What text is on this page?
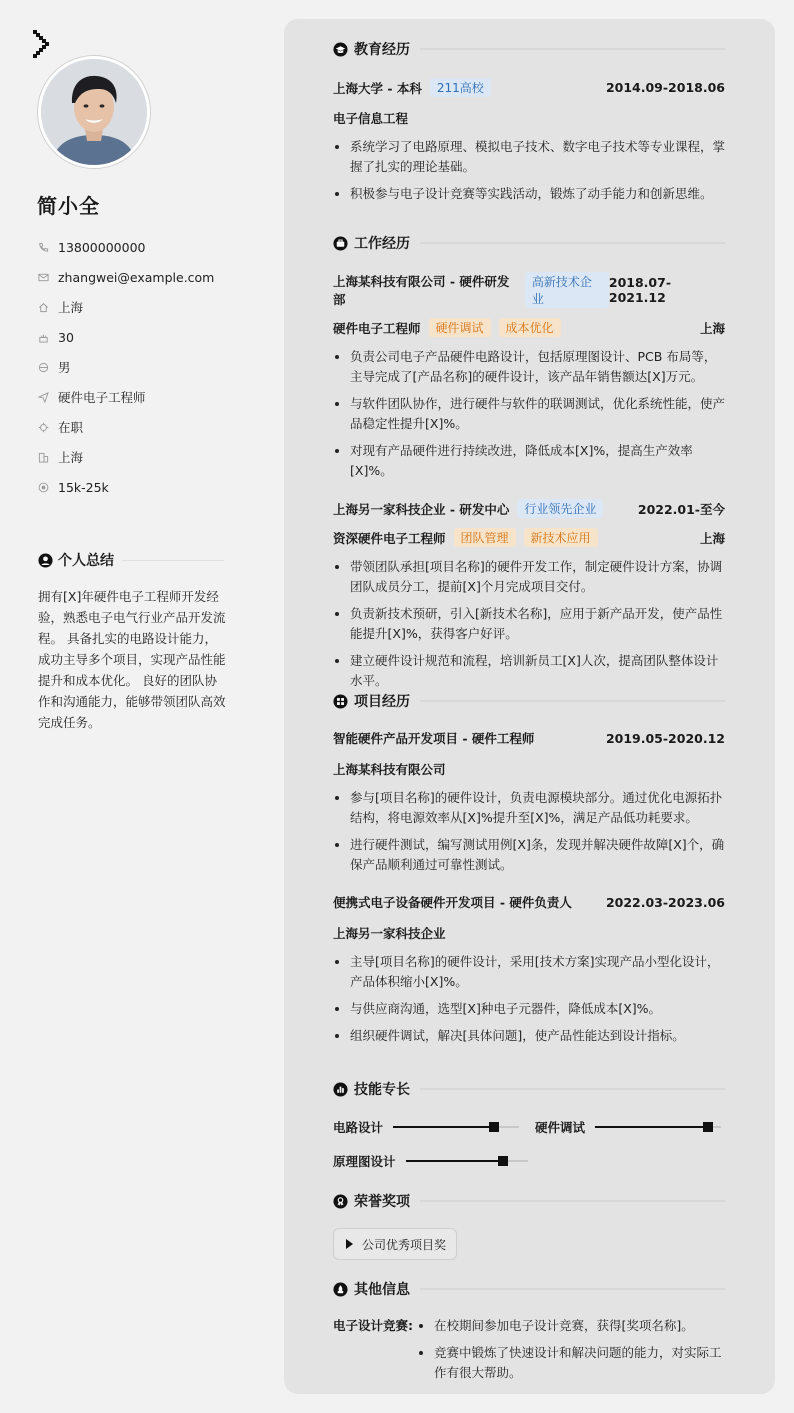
简小全
13800000000
zhangwei@example.com
上海
30
男
硬件电子工程师
在职
上海
15k-25k
个人总结
拥有[X]年硬件电子工程师开发经验，熟悉电子电气行业产品开发流程。 具备扎实的电路设计能力，成功主导多个项目，实现产品性能提升和成本优化。 良好的团队协作和沟通能力，能够带领团队高效完成任务。
教育经历
上海大学 - 本科	211高校	2014.09-2018.06
电子信息工程
系统学习了电路原理、模拟电子技术、数字电子技术等专业课程，掌握了扎实的理论基础。
积极参与电子设计竞赛等实践活动，锻炼了动手能力和创新思维。
工作经历
上海某科技有限公司 - 硬件研发部
高新技术企业
2018.07-2021.12
硬件电子工程师	硬件调试	成本优化	上海
负责公司电子产品硬件电路设计，包括原理图设计、PCB 布局等，主导完成了[产品名称]的硬件设计，该产品年销售额达[X]万元。
与软件团队协作，进行硬件与软件的联调测试，优化系统性能，使产品稳定性提升[X]%。
对现有产品硬件进行持续改进，降低成本[X]%，提高生产效率[X]%。
上海另一家科技企业 - 研发中心	行业领先企业	2022.01-至今
资深硬件电子工程师	团队管理	新技术应用	上海
带领团队承担[项目名称]的硬件开发工作，制定硬件设计方案，协调团队成员分工，提前[X]个月完成项目交付。
负责新技术预研，引入[新技术名称]，应用于新产品开发，使产品性能提升[X]%，获得客户好评。
建立硬件设计规范和流程，培训新员工[X]人次，提高团队整体设计水平。
项目经历
智能硬件产品开发项目 - 硬件工程师	2019.05-2020.12
上海某科技有限公司
参与[项目名称]的硬件设计，负责电源模块部分。通过优化电源拓扑结构，将电源效率从[X]%提升至[X]%，满足产品低功耗要求。
进行硬件测试，编写测试用例[X]条，发现并解决硬件故障[X]个，确保产品顺利通过可靠性测试。
便携式电子设备硬件开发项目 - 硬件负责人	2022.03-2023.06
上海另一家科技企业
主导[项目名称]的硬件设计，采用[技术方案]实现产品小型化设计，产品体积缩小[X]%。
与供应商沟通，选型[X]种电子元器件，降低成本[X]%。
组织硬件调试，解决[具体问题]，使产品性能达到设计指标。
技能专长
电路设计	硬件调试
原理图设计
荣誉奖项
公司优秀项目奖
其他信息
电子设计竞赛:	在校期间参加电子设计竞赛，获得[奖项名称]。
竞赛中锻炼了快速设计和解决问题的能力，对实际工作有很大帮助。
